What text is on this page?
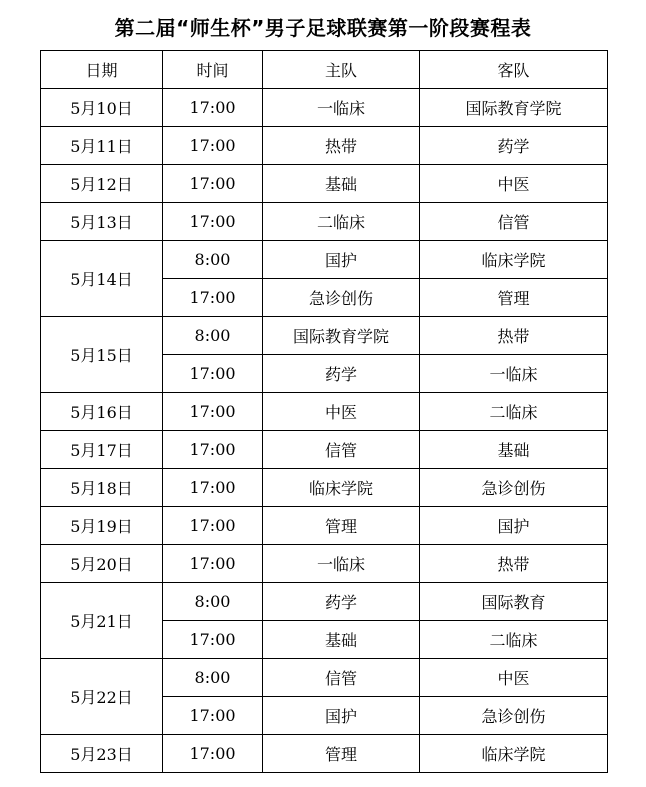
第二届“师生杯”男子足球联赛第一阶段赛程表
日期	时间	主队	客队
5月10日	17:00	一临床	国际教育学院
5月11日	17:00	热带	药学
5月12日	17:00	基础	中医
5月13日	17:00	二临床	信管
5月14日	8:00	国护	临床学院
	17:00	急诊创伤	管理
5月15日	8:00	国际教育学院	热带
	17:00	药学	一临床
5月16日	17:00	中医	二临床
5月17日	17:00	信管	基础
5月18日	17:00	临床学院	急诊创伤
5月19日	17:00	管理	国护
5月20日	17:00	一临床	热带
5月21日	8:00	药学	国际教育
	17:00	基础	二临床
5月22日	8:00	信管	中医
	17:00	国护	急诊创伤
5月23日	17:00	管理	临床学院
